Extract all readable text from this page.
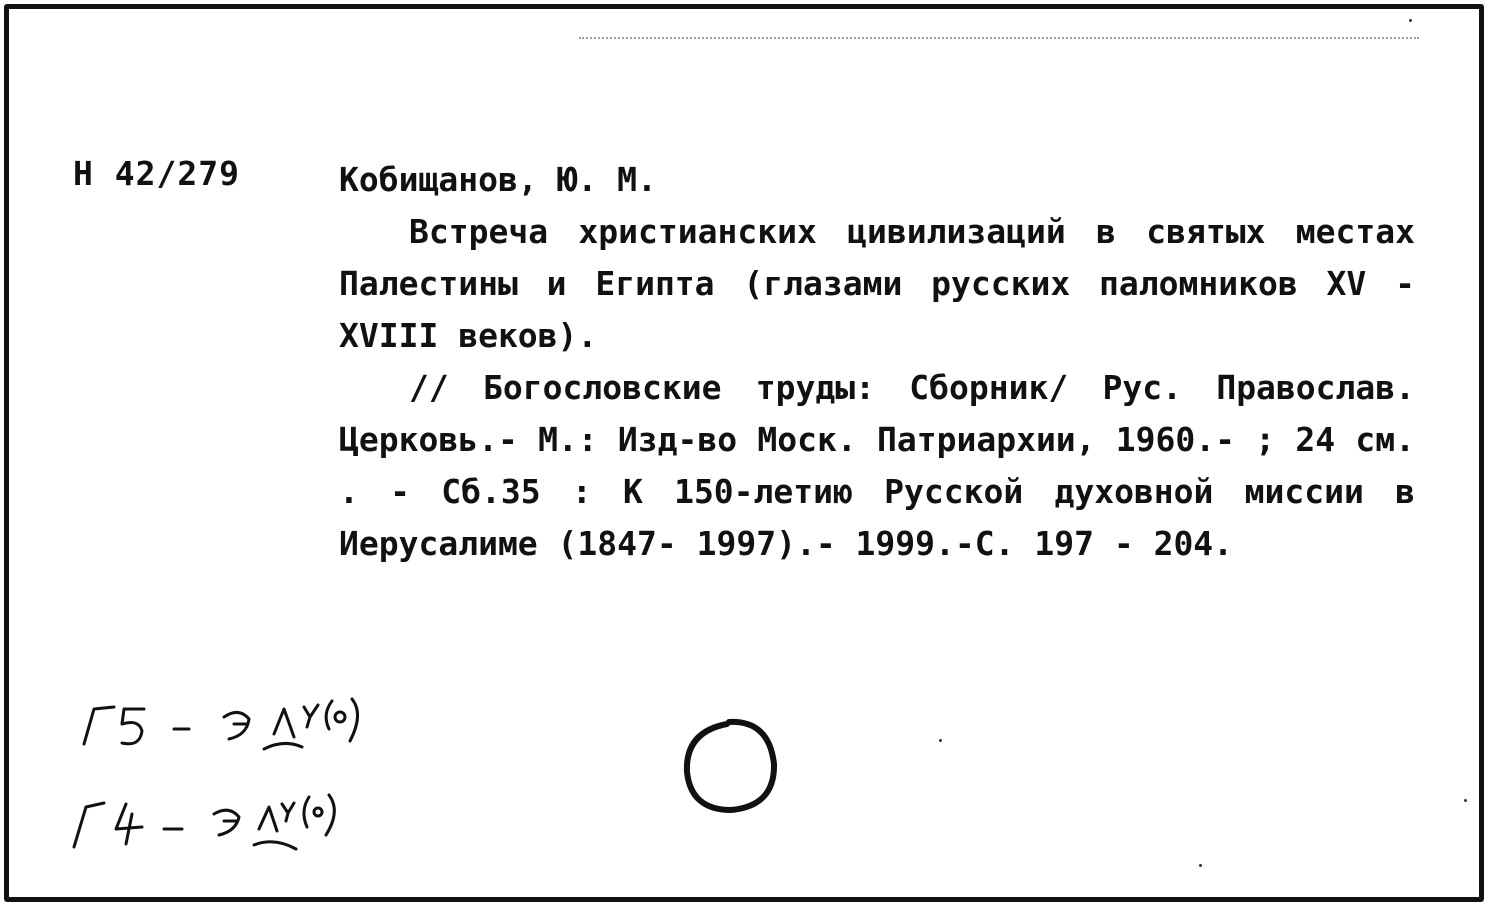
Н 42/279	Кобищанов, Ю. М.
Встреча христианских цивилизаций в святых местах Палестины и Египта (глазами русских паломников XV - XVIII веков).
// Богословские труды: Сборник/ Рус. Православ. Церковь.- М.: Изд-во Моск. Патриархии, 1960.- ; 24 см. . - Сб.35 : К 150-летию Русской духовной миссии в Иерусалиме (1847- 1997).- 1999.-С. 197 - 204.
